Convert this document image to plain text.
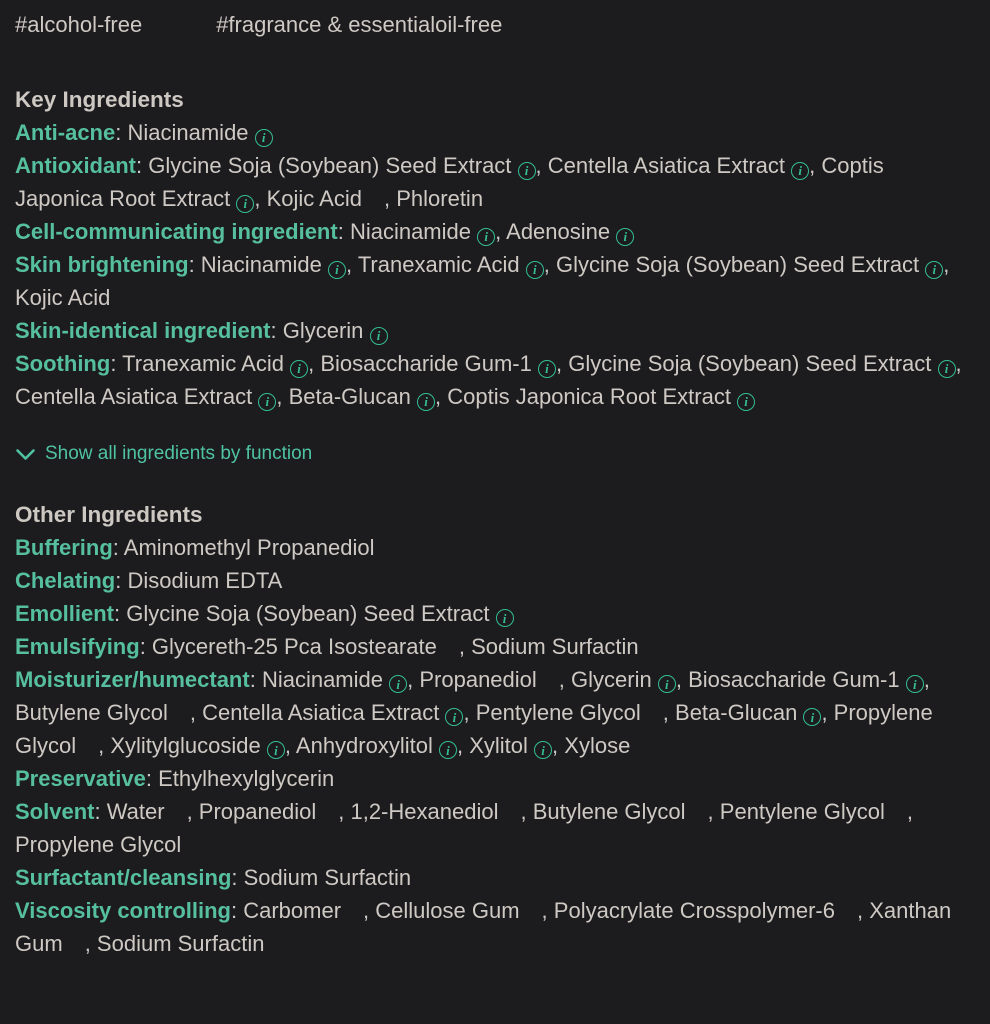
#alcohol-free	#fragrance & essentialoil-free
Key Ingredients

Anti-acne: Niacinamide i

Antioxidant: Glycine Soja (Soybean) Seed Extract i , Centella Asiatica Extract i , Coptis Japonica Root Extract i , Kojic Acid , Phloretin

Cell-communicating ingredient: Niacinamide i , Adenosine i

Skin brightening: Niacinamide i , Tranexamic Acid i , Glycine Soja (Soybean) Seed Extract i , Kojic Acid

Skin-identical ingredient: Glycerin i

Soothing: Tranexamic Acid i , Biosaccharide Gum-1 i , Glycine Soja (Soybean) Seed Extract i , Centella Asiatica Extract i , Beta-Glucan i , Coptis Japonica Root Extract i

Show all ingredients by function
Other Ingredients

Buffering: Aminomethyl Propanediol

Chelating: Disodium EDTA

Emollient: Glycine Soja (Soybean) Seed Extract i

Emulsifying: Glycereth-25 Pca Isostearate , Sodium Surfactin

Moisturizer/humectant: Niacinamide i , Propanediol , Glycerin i , Biosaccharide Gum-1 i , Butylene Glycol , Centella Asiatica Extract i , Pentylene Glycol , Beta-Glucan i , Propylene Glycol , Xylitylglucoside i , Anhydroxylitol i , Xylitol i , Xylose

Preservative: Ethylhexylglycerin

Solvent: Water , Propanediol , 1,2-Hexanediol , Butylene Glycol , Pentylene Glycol , Propylene Glycol

Surfactant/cleansing: Sodium Surfactin

Viscosity controlling: Carbomer , Cellulose Gum , Polyacrylate Crosspolymer-6 , Xanthan Gum , Sodium Surfactin
